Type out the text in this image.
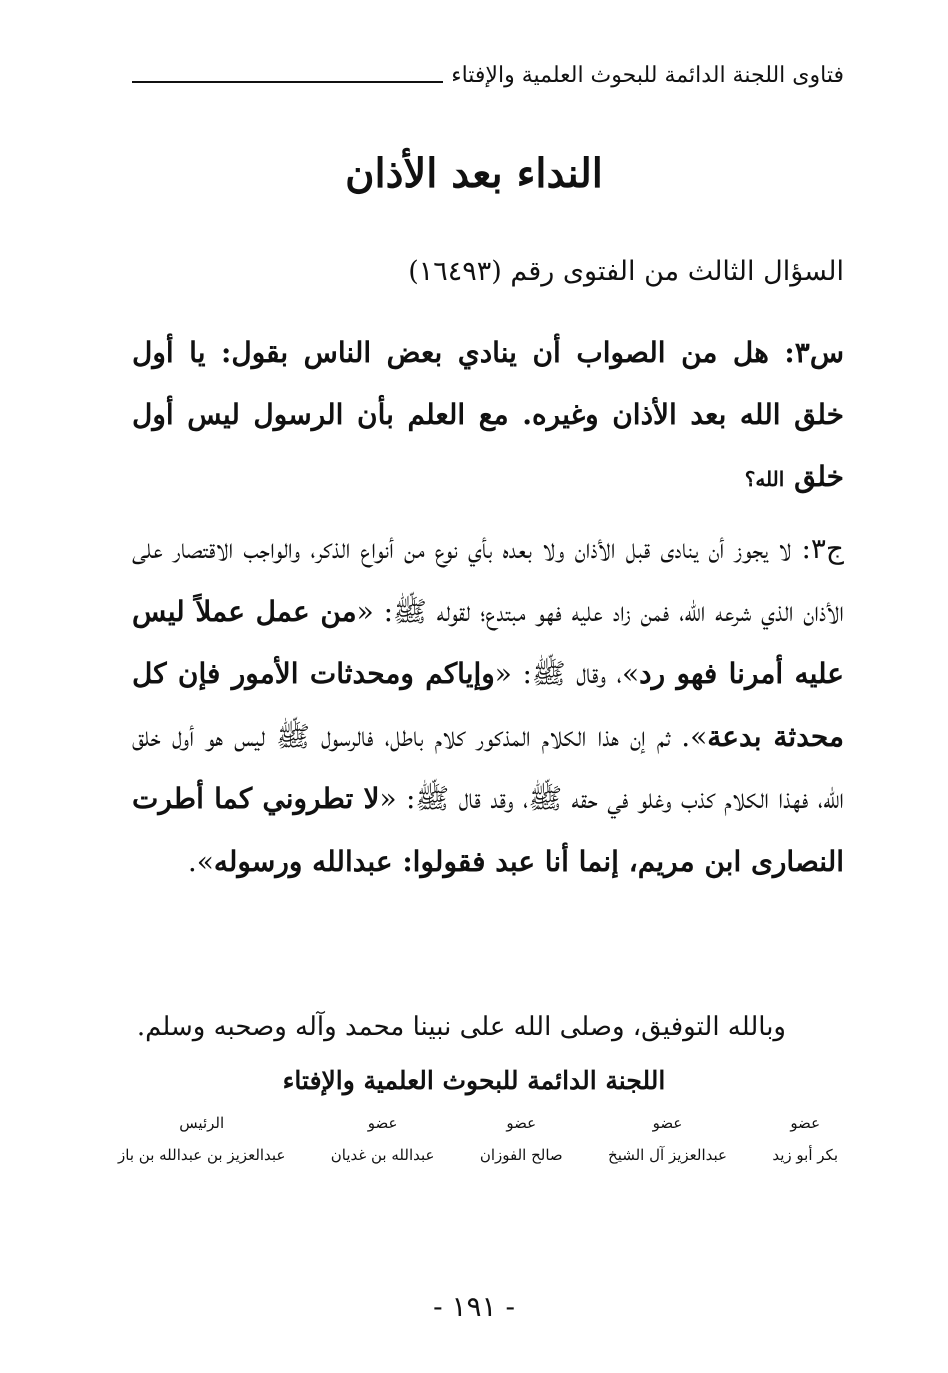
فتاوى اللجنة الدائمة للبحوث العلمية والإفتاء
النداء بعد الأذان
السؤال الثالث من الفتوى رقم (١٦٤٩٣)
س٣: هل من الصواب أن ينادي بعض الناس بقول: يا أول خلق الله بعد الأذان وغيره. مع العلم بأن الرسول ليس أول خلق الله؟
ج٣: لا يجوز أن ينادى قبل الأذان ولا بعده بأي نوع من أنواع الذكر، والواجب الاقتصار على الأذان الذي شرعه الله، فمن زاد عليه فهو مبتدع؛ لقوله ﷺ: «من عمل عملاً ليس عليه أمرنا فهو رد»، وقال ﷺ: «وإياكم ومحدثات الأمور فإن كل محدثة بدعة». ثم إن هذا الكلام المذكور كلام باطل، فالرسول ﷺ ليس هو أول خلق الله، فهذا الكلام كذب وغلو في حقه ﷺ، وقد قال ﷺ: «لا تطروني كما أطرت النصارى ابن مريم، إنما أنا عبد فقولوا: عبدالله ورسوله».
وبالله التوفيق، وصلى الله على نبينا محمد وآله وصحبه وسلم.
اللجنة الدائمة للبحوث العلمية والإفتاء
عضو
بكر أبو زيد
عضو
عبدالعزيز آل الشيخ
عضو
صالح الفوزان
عضو
عبدالله بن غديان
الرئيس
عبدالعزيز بن عبدالله بن باز
- ١٩١ -
